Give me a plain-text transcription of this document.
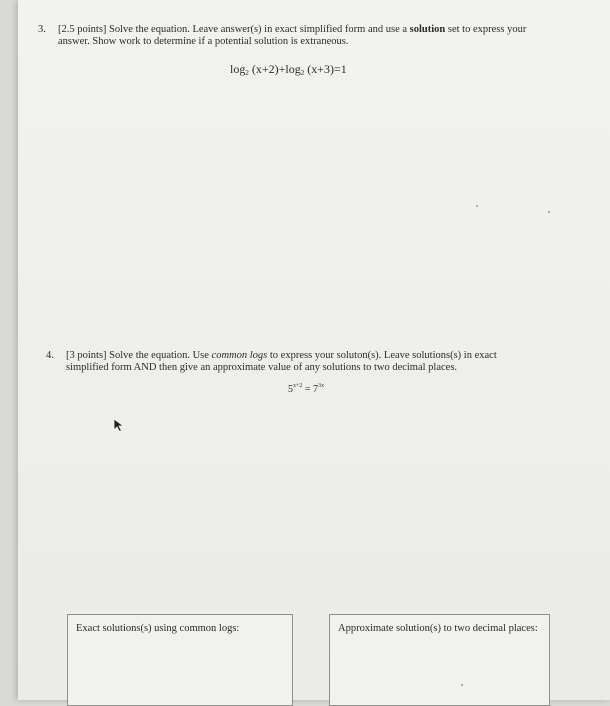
3. [2.5 points] Solve the equation. Leave answer(s) in exact simplified form and use a solution set to express your
answer. Show work to determine if a potential solution is extraneous.
$\log_2 (x+2)+\log_2$ (x+3)=1
4. [3 points] Solve the equation. Use common logs to express your soluton(s). Leave solutions(s) in exact
simplified form AND then give an approximate value of any solutions to two decimal places.
$5^{x+2} = 7^{3x}$
Exact solutions(s) using common logs:	Approximate solution(s) to two decimal places:
